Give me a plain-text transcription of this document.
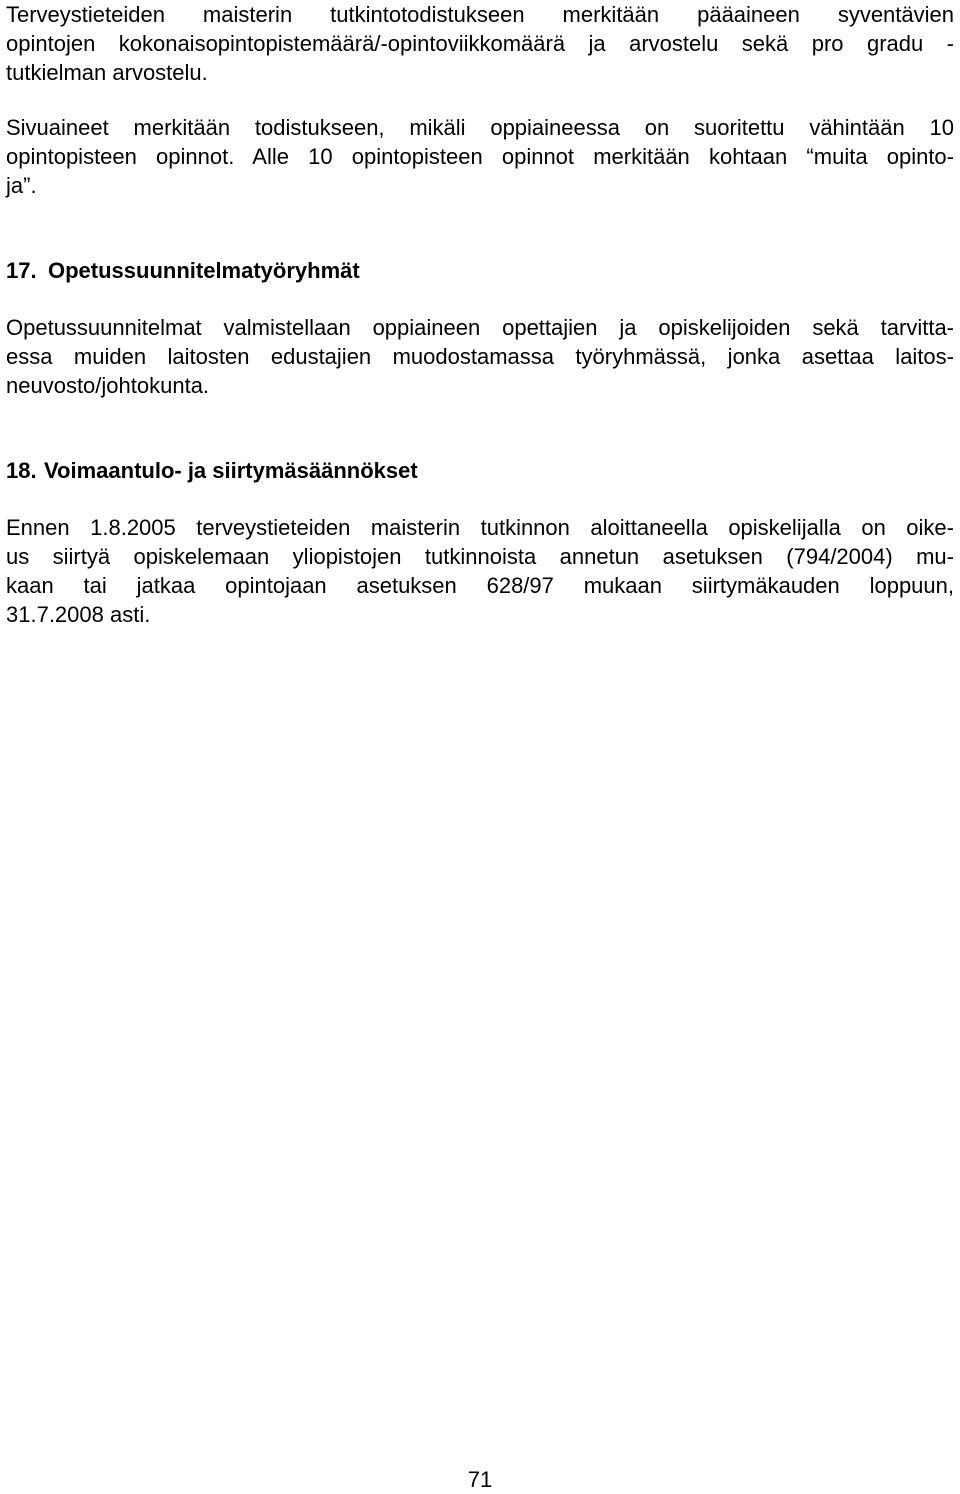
Terveystieteiden maisterin tutkintotodistukseen merkitään pääaineen syventävien
opintojen kokonaisopintopistemäärä/-opintoviikkomäärä ja arvostelu sekä pro gradu -
tutkielman arvostelu.
Sivuaineet merkitään todistukseen, mikäli oppiaineessa on suoritettu vähintään 10
opintopisteen opinnot. Alle 10 opintopisteen opinnot merkitään kohtaan “muita opinto-
ja”.
17. Opetussuunnitelmatyöryhmät
Opetussuunnitelmat valmistellaan oppiaineen opettajien ja opiskelijoiden sekä tarvitta-
essa muiden laitosten edustajien muodostamassa työryhmässä, jonka asettaa laitos-
neuvosto/johtokunta.
18. Voimaantulo- ja siirtymäsäännökset
Ennen 1.8.2005 terveystieteiden maisterin tutkinnon aloittaneella opiskelijalla on oike-
us siirtyä opiskelemaan yliopistojen tutkinnoista annetun asetuksen (794/2004) mu-
kaan tai jatkaa opintojaan asetuksen 628/97 mukaan siirtymäkauden loppuun,
31.7.2008 asti.
71
